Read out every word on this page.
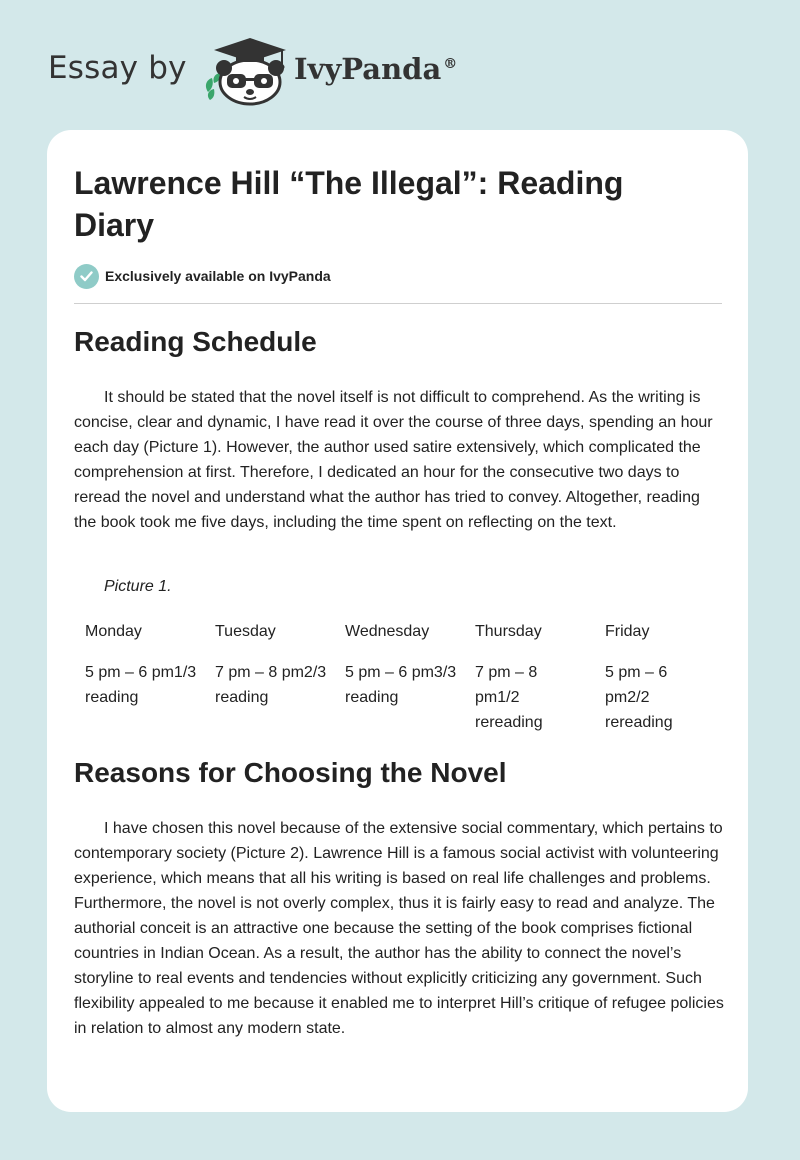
Essay by	IvyPanda ®
Lawrence Hill “The Illegal”: Reading Diary
Exclusively available on IvyPanda
Reading Schedule

It should be stated that the novel itself is not difficult to comprehend. As the writing is concise, clear and dynamic, I have read it over the course of three days, spending an hour each day (Picture 1). However, the author used satire extensively, which complicated the comprehension at first. Therefore, I dedicated an hour for the consecutive two days to reread the novel and understand what the author has tried to convey. Altogether, reading the book took me five days, including the time spent on reflecting on the text.

Picture 1.

Monday
5 pm – 6 pm1/3 reading
Tuesday
7 pm – 8 pm2/3 reading
Wednesday
5 pm – 6 pm3/3 reading
Thursday
7 pm – 8 pm1/2 rereading
Friday
5 pm – 6 pm2/2 rereading
Reasons for Choosing the Novel

I have chosen this novel because of the extensive social commentary, which pertains to contemporary society (Picture 2). Lawrence Hill is a famous social activist with volunteering experience, which means that all his writing is based on real life challenges and problems. Furthermore, the novel is not overly complex, thus it is fairly easy to read and analyze. The authorial conceit is an attractive one because the setting of the book comprises fictional countries in Indian Ocean. As a result, the author has the ability to connect the novel’s storyline to real events and tendencies without explicitly criticizing any government. Such flexibility appealed to me because it enabled me to interpret Hill’s critique of refugee policies in relation to almost any modern state.
